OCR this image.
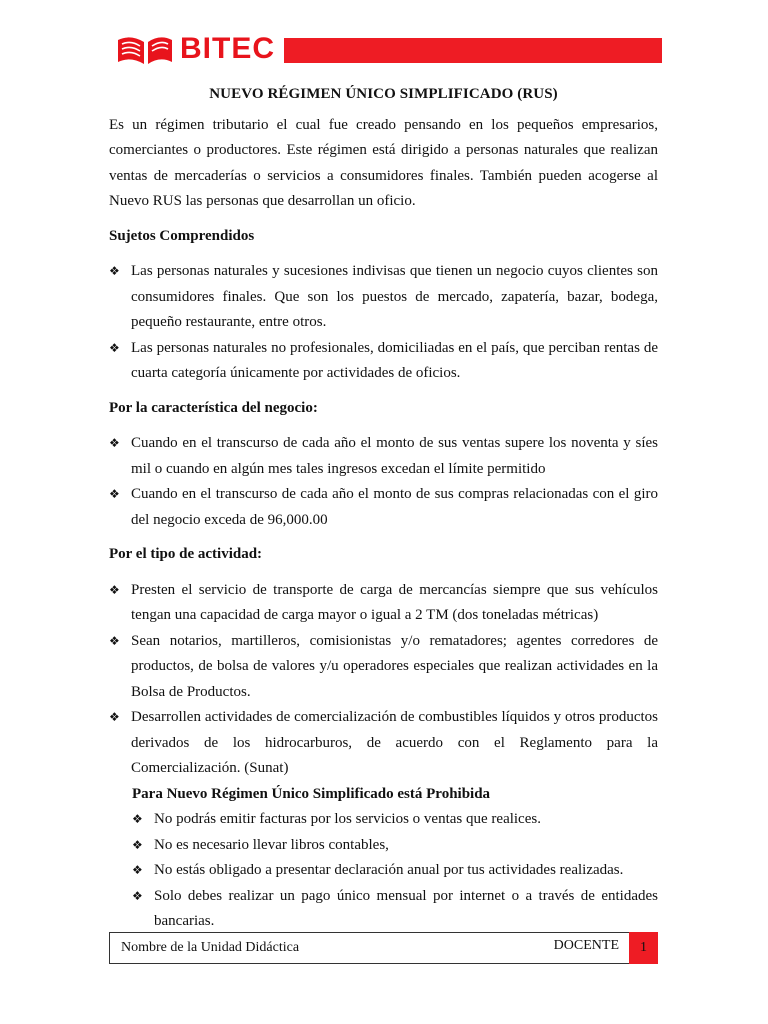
BITEC
NUEVO RÉGIMEN ÚNICO SIMPLIFICADO (RUS)

Es un régimen tributario el cual fue creado pensando en los pequeños empresarios, comerciantes o productores. Este régimen está dirigido a personas naturales que realizan ventas de mercaderías o servicios a consumidores finales. También pueden acogerse al Nuevo RUS las personas que desarrollan un oficio.

Sujetos Comprendidos
❖ Las personas naturales y sucesiones indivisas que tienen un negocio cuyos clientes son consumidores finales. Que son los puestos de mercado, zapatería, bazar, bodega, pequeño restaurante, entre otros.
❖ Las personas naturales no profesionales, domiciliadas en el país, que perciban rentas de cuarta categoría únicamente por actividades de oficios.
Por la característica del negocio:
❖ Cuando en el transcurso de cada año el monto de sus ventas supere los noventa y síes mil o cuando en algún mes tales ingresos excedan el límite permitido
❖ Cuando en el transcurso de cada año el monto de sus compras relacionadas con el giro del negocio exceda de 96,000.00
Por el tipo de actividad:
❖ Presten el servicio de transporte de carga de mercancías siempre que sus vehículos tengan una capacidad de carga mayor o igual a 2 TM (dos toneladas métricas)
❖ Sean notarios, martilleros, comisionistas y/o rematadores; agentes corredores de productos, de bolsa de valores y/u operadores especiales que realizan actividades en la Bolsa de Productos.
❖ Desarrollen actividades de comercialización de combustibles líquidos y otros productos derivados de los hidrocarburos, de acuerdo con el Reglamento para la Comercialización. (Sunat)
Para Nuevo Régimen Único Simplificado está Prohibida
❖ No podrás emitir facturas por los servicios o ventas que realices.
❖ No es necesario llevar libros contables,
❖ No estás obligado a presentar declaración anual por tus actividades realizadas.
❖ Solo debes realizar un pago único mensual por internet o a través de entidades bancarias.
Nombre de la Unidad Didáctica	DOCENTE	1
